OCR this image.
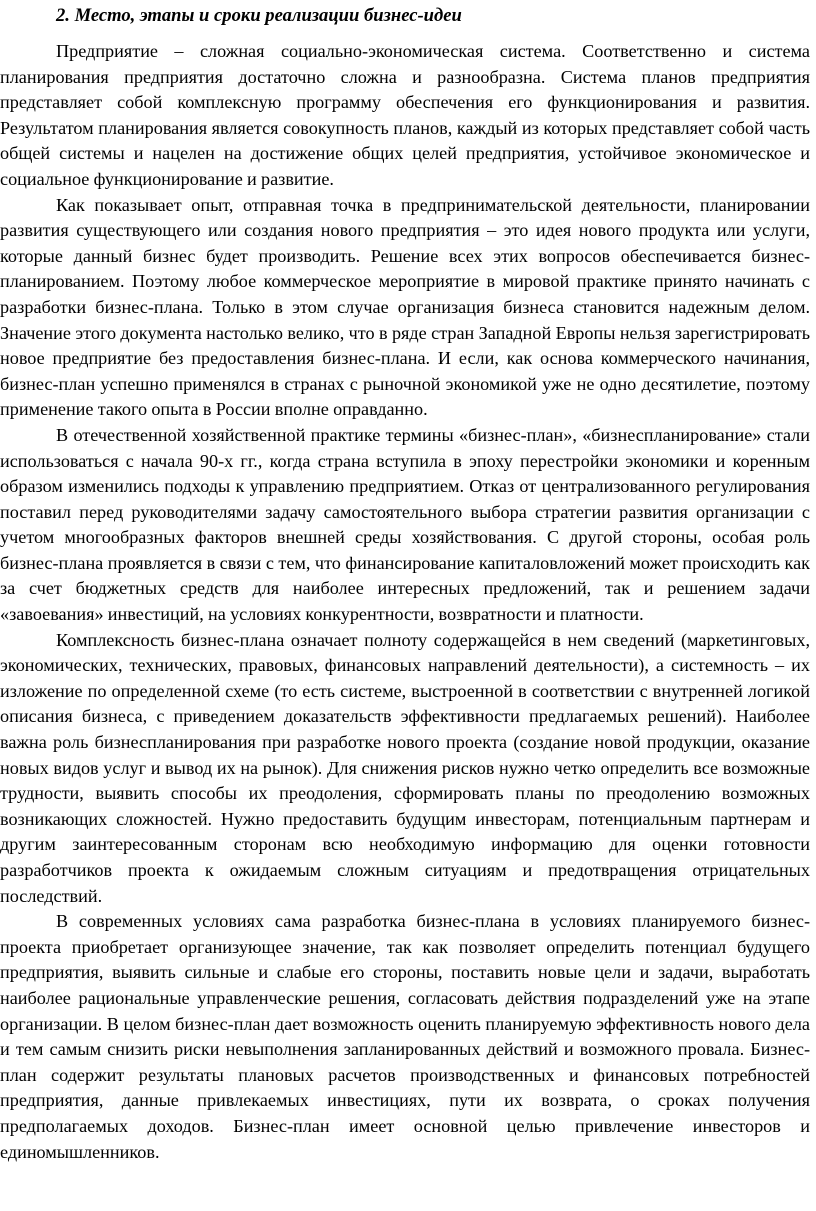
2. Место, этапы и сроки реализации бизнес-идеи

Предприятие – сложная социально-экономическая система. Соответственно и система планирования предприятия достаточно сложна и разнообразна. Система планов предприятия представляет собой комплексную программу обеспечения его функционирования и развития. Результатом планирования является совокупность планов, каждый из которых представляет собой часть общей системы и нацелен на достижение общих целей предприятия, устойчивое экономическое и социальное функционирование и развитие.

Как показывает опыт, отправная точка в предпринимательской деятельности, планировании развития существующего или создания нового предприятия – это идея нового продукта или услуги, которые данный бизнес будет производить. Решение всех этих вопросов обеспечивается бизнес-планированием. Поэтому любое коммерческое мероприятие в мировой практике принято начинать с разработки бизнес-плана. Только в этом случае организация бизнеса становится надежным делом. Значение этого документа настолько велико, что в ряде стран Западной Европы нельзя зарегистрировать новое предприятие без предоставления бизнес-плана. И если, как основа коммерческого начинания, бизнес-план успешно применялся в странах с рыночной экономикой уже не одно десятилетие, поэтому применение такого опыта в России вполне оправданно.

В отечественной хозяйственной практике термины «бизнес-план», «бизнеспланирование» стали использоваться с начала 90-х гг., когда страна вступила в эпоху перестройки экономики и коренным образом изменились подходы к управлению предприятием. Отказ от централизованного регулирования поставил перед руководителями задачу самостоятельного выбора стратегии развития организации с учетом многообразных факторов внешней среды хозяйствования. С другой стороны, особая роль бизнес-плана проявляется в связи с тем, что финансирование капиталовложений может происходить как за счет бюджетных средств для наиболее интересных предложений, так и решением задачи «завоевания» инвестиций, на условиях конкурентности, возвратности и платности.

Комплексность бизнес-плана означает полноту содержащейся в нем сведений (маркетинговых, экономических, технических, правовых, финансовых направлений деятельности), а системность – их изложение по определенной схеме (то есть системе, выстроенной в соответствии с внутренней логикой описания бизнеса, с приведением доказательств эффективности предлагаемых решений). Наиболее важна роль бизнеспланирования при разработке нового проекта (создание новой продукции, оказание новых видов услуг и вывод их на рынок). Для снижения рисков нужно четко определить все возможные трудности, выявить способы их преодоления, сформировать планы по преодолению возможных возникающих сложностей. Нужно предоставить будущим инвесторам, потенциальным партнерам и другим заинтересованным сторонам всю необходимую информацию для оценки готовности разработчиков проекта к ожидаемым сложным ситуациям и предотвращения отрицательных последствий.

В современных условиях сама разработка бизнес-плана в условиях планируемого бизнес-проекта приобретает организующее значение, так как позволяет определить потенциал будущего предприятия, выявить сильные и слабые его стороны, поставить новые цели и задачи, выработать наиболее рациональные управленческие решения, согласовать действия подразделений уже на этапе организации. В целом бизнес-план дает возможность оценить планируемую эффективность нового дела и тем самым снизить риски невыполнения запланированных действий и возможного провала. Бизнес-план содержит результаты плановых расчетов производственных и финансовых потребностей предприятия, данные привлекаемых инвестициях, пути их возврата, о сроках получения предполагаемых доходов. Бизнес-план имеет основной целью привлечение инвесторов и единомышленников.
